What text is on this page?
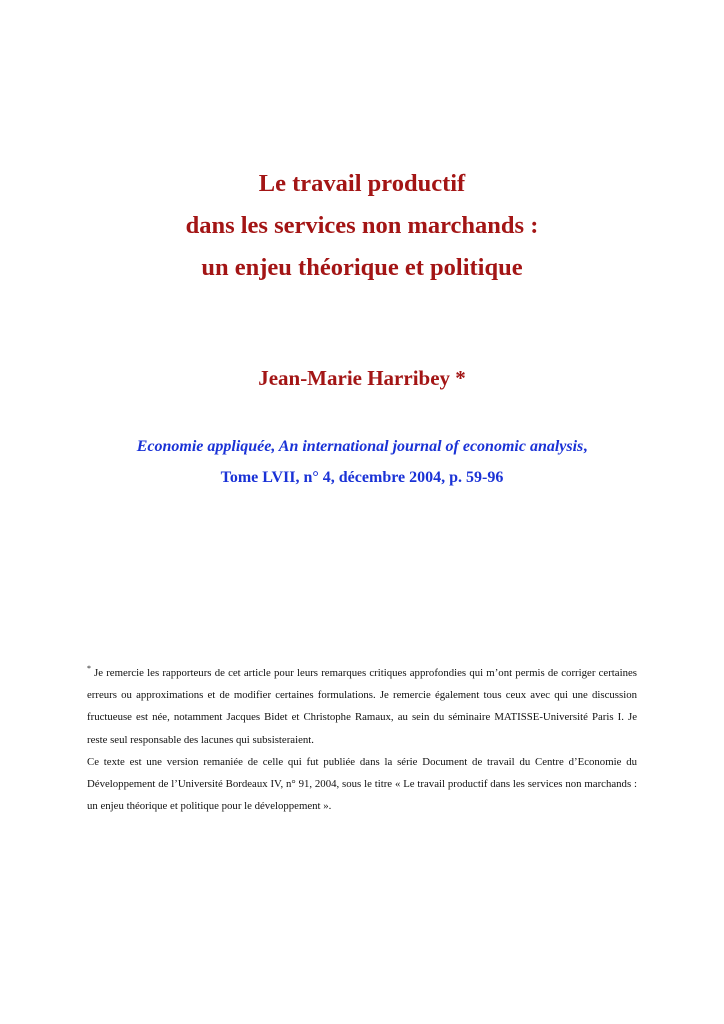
Le travail productif
dans les services non marchands :
un enjeu théorique et politique
Jean-Marie Harribey *
Economie appliquée, An international journal of economic analysis,
Tome LVII, n° 4, décembre 2004, p. 59-96

* Je remercie les rapporteurs de cet article pour leurs remarques critiques approfondies qui m’ont permis de corriger certaines erreurs ou approximations et de modifier certaines formulations. Je remercie également tous ceux avec qui une discussion fructueuse est née, notamment Jacques Bidet et Christophe Ramaux, au sein du séminaire MATISSE-Université Paris I. Je reste seul responsable des lacunes qui subsisteraient.

Ce texte est une version remaniée de celle qui fut publiée dans la série Document de travail du Centre d’Economie du Développement de l’Université Bordeaux IV, n° 91, 2004, sous le titre « Le travail productif dans les services non marchands : un enjeu théorique et politique pour le développement ».
